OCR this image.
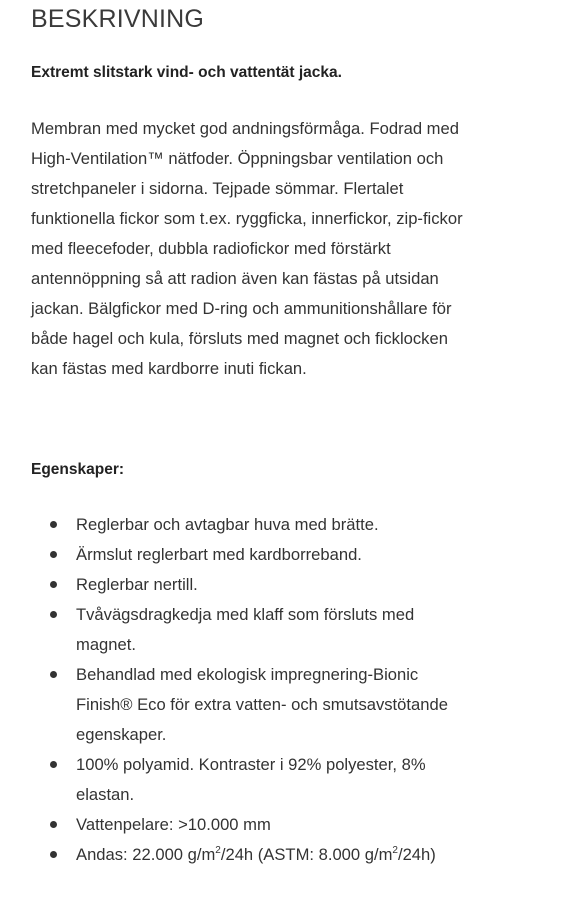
BESKRIVNING

Extremt slitstark vind- och vattentät jacka.

Membran med mycket god andningsförmåga. Fodrad med
High-Ventilation™ nätfoder. Öppningsbar ventilation och
stretchpaneler i sidorna. Tejpade sömmar. Flertalet
funktionella fickor som t.ex. ryggficka, innerfickor, zip-fickor
med fleecefoder, dubbla radiofickor med förstärkt
antennöppning så att radion även kan fästas på utsidan
jackan. Bälgfickor med D-ring och ammunitionshållare för
både hagel och kula, försluts med magnet och ficklocken
kan fästas med kardborre inuti fickan.

Egenskaper:

Reglerbar och avtagbar huva med brätte.
Ärmslut reglerbart med kardborreband.
Reglerbar nertill.
Tvåvägsdragkedja med klaff som försluts med
magnet.
Behandlad med ekologisk impregnering-Bionic
Finish® Eco för extra vatten- och smutsavstötande
egenskaper.
100% polyamid. Kontraster i 92% polyester, 8%
elastan.
Vattenpelare: >10.000 mm
Andas: 22.000 $g/m^2/24h$ (ASTM: 8.000 $g/m^2/24h$)
